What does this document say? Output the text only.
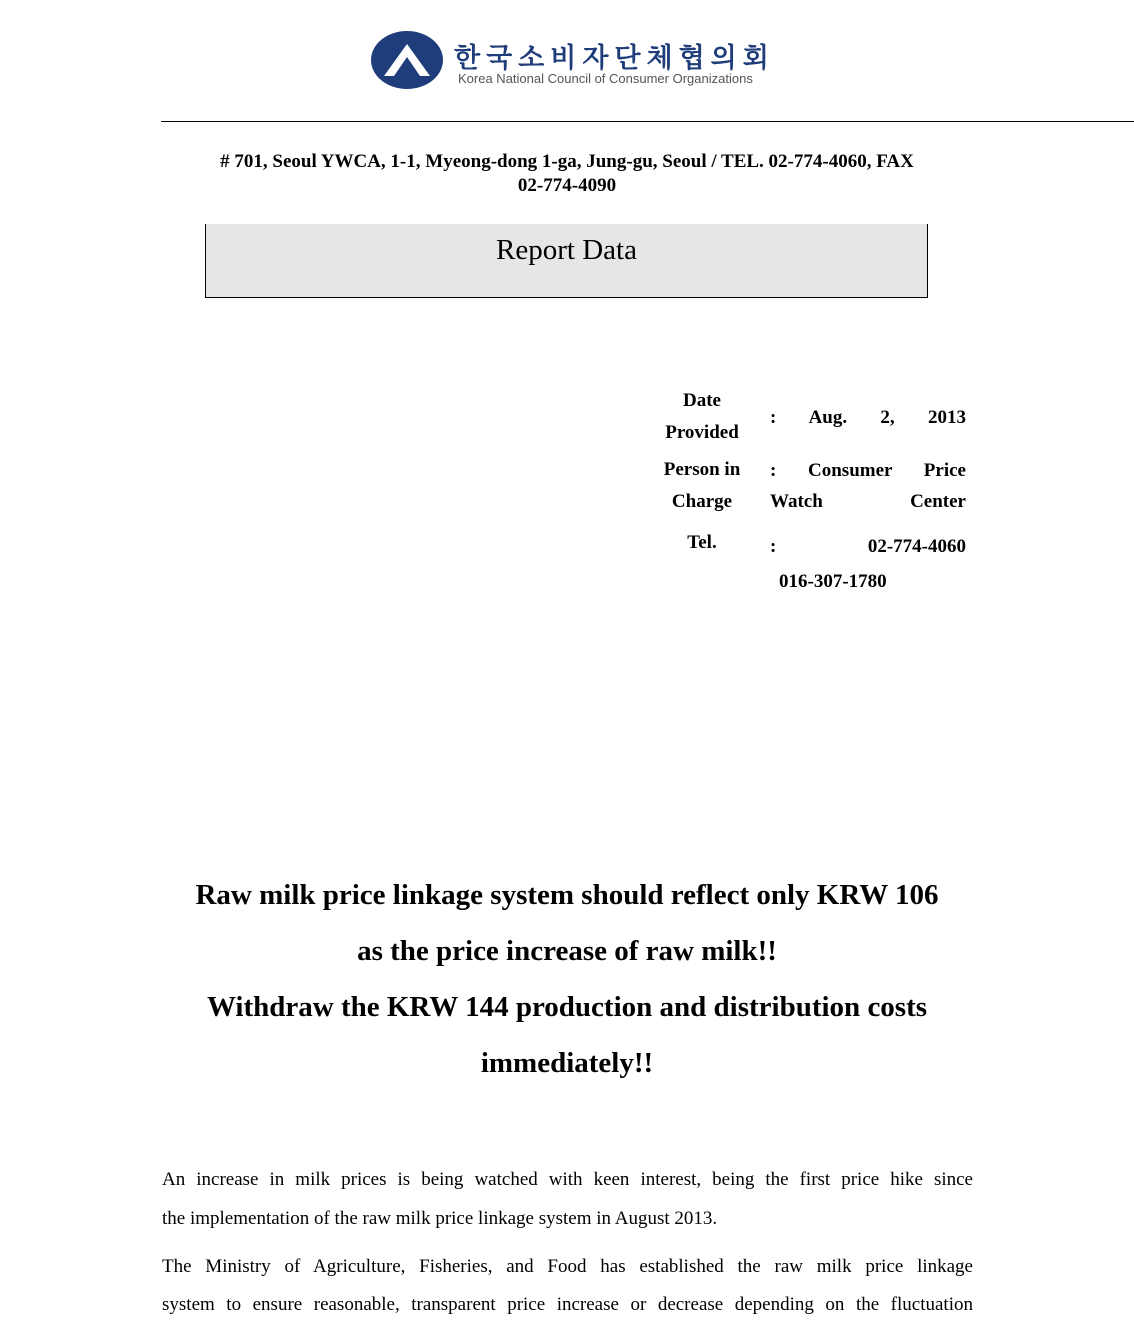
한국소비자단체협의회
Korea National Council of Consumer Organizations
# 701, Seoul YWCA, 1-1, Myeong-dong 1-ga, Jung-gu, Seoul / TEL. 02-774-4060, FAX
02-774-4090
Report Data
Date
Provided
: Aug. 2, 2013
Person in
Charge
: Consumer Price
Watch Center
Tel.	: 02-774-4060
016-307-1780
Raw milk price linkage system should reflect only KRW 106
as the price increase of raw milk!!
Withdraw the KRW 144 production and distribution costs
immediately!!
An increase in milk prices is being watched with keen interest, being the first price hike since
the implementation of the raw milk price linkage system in August 2013.
The Ministry of Agriculture, Fisheries, and Food has established the raw milk price linkage
system to ensure reasonable, transparent price increase or decrease depending on the fluctuation
